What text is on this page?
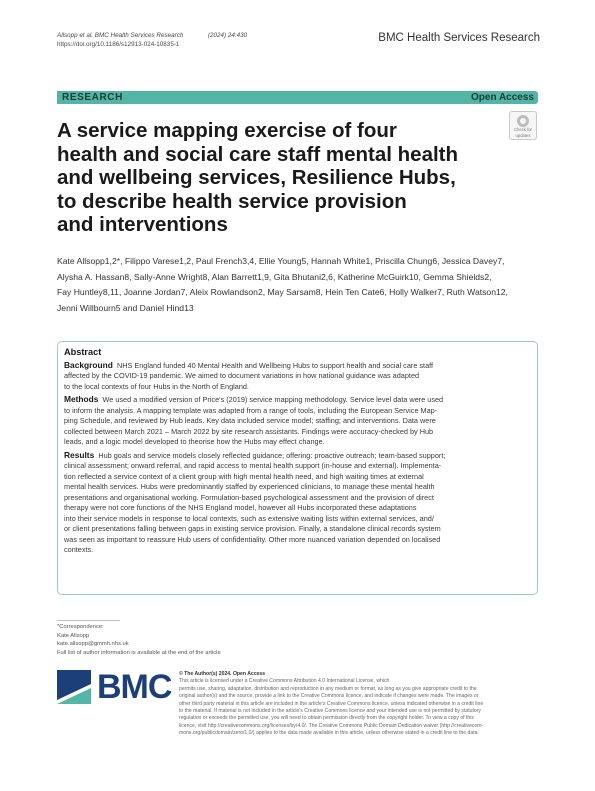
Allsopp et al. BMC Health Services Research	(2024) 24:430
https://doi.org/10.1186/s12913-024-10835-1
BMC Health Services Research
RESEARCH	Open Access
Check for
updates
A service mapping exercise of four
health and social care staff mental health
and wellbeing services, Resilience Hubs,
to describe health service provision
and interventions
Kate Allsopp1,2*, Filippo Varese1,2, Paul French3,4, Ellie Young5, Hannah White1, Priscilla Chung6, Jessica Davey7,
Alysha A. Hassan8, Sally-Anne Wright8, Alan Barrett1,9, Gita Bhutani2,6, Katherine McGuirk10, Gemma Shields2,
Fay Huntley8,11, Joanne Jordan7, Aleix Rowlandson2, May Sarsam8, Hein Ten Cate6, Holly Walker7, Ruth Watson12,
Jenni Willbourn5 and Daniel Hind13
Abstract
Background NHS England funded 40 Mental Health and Wellbeing Hubs to support health and social care staff
affected by the COVID-19 pandemic. We aimed to document variations in how national guidance was adapted
to the local contexts of four Hubs in the North of England.
Methods We used a modified version of Price's (2019) service mapping methodology. Service level data were used
to inform the analysis. A mapping template was adapted from a range of tools, including the European Service Map-
ping Schedule, and reviewed by Hub leads. Key data included service model; staffing; and interventions. Data were
collected between March 2021 – March 2022 by site research assistants. Findings were accuracy-checked by Hub
leads, and a logic model developed to theorise how the Hubs may effect change.
Results Hub goals and service models closely reflected guidance; offering: proactive outreach; team-based support;
clinical assessment; onward referral, and rapid access to mental health support (in-house and external). Implementa-
tion reflected a service context of a client group with high mental health need, and high waiting times at external
mental health services. Hubs were predominantly staffed by experienced clinicians, to manage these mental health
presentations and organisational working. Formulation-based psychological assessment and the provision of direct
therapy were not core functions of the NHS England model, however all Hubs incorporated these adaptations
into their service models in response to local contexts, such as extensive waiting lists within external services, and/
or client presentations falling between gaps in existing service provision. Finally, a standalone clinical records system
was seen as important to reassure Hub users of confidentiality. Other more nuanced variation depended on localised
contexts.
*Correspondence:
Kate Allsopp
kate.allsopp@gmmh.nhs.uk
Full list of author information is available at the end of the article
BMC © The Author(s) 2024. Open Access
This article is licensed under a Creative Commons Attribution 4.0 International License, which
permits use, sharing, adaptation, distribution and reproduction in any medium or format, as long as you give appropriate credit to the
original author(s) and the source, provide a link to the Creative Commons licence, and indicate if changes were made. The images or
other third party material in this article are included in the article's Creative Commons licence, unless indicated otherwise in a credit line
to the material. If material is not included in the article's Creative Commons licence and your intended use is not permitted by statutory
regulation or exceeds the permitted use, you will need to obtain permission directly from the copyright holder. To view a copy of this
licence, visit http://creativecommons.org/licenses/by/4.0/. The Creative Commons Public Domain Dedication waiver (http://creativecom-
mons.org/publicdomain/zero/1.0/) applies to the data made available in this article, unless otherwise stated in a credit line to the data.
